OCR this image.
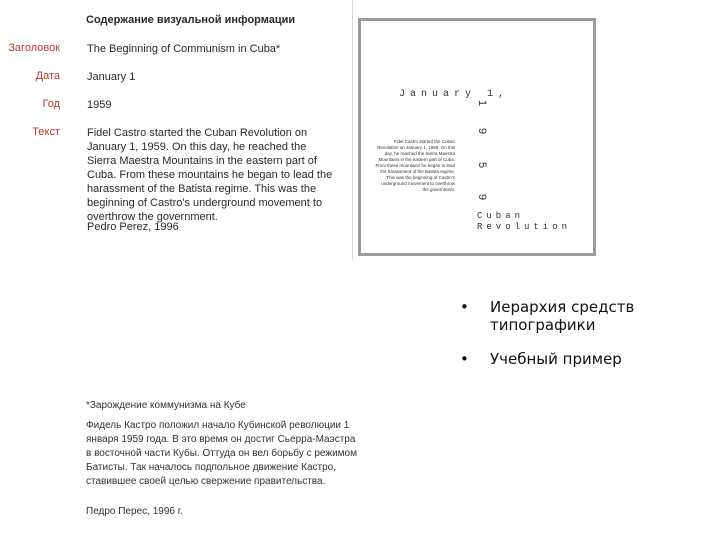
Содержание визуальной информации
Заголовок
Дата
Год
Текст
The Beginning of Communism in Cuba*
January 1
1959
Fidel Castro started the Cuban Revolution on January 1, 1959. On this day, he reached the Sierra Maestra Mountains in the eastern part of Cuba. From these mountains he began to lead the harassment of the Batista regime. This was the beginning of Castro's underground movement to overthrow the government.
Pedro Perez, 1996
January 1,
1
9
5
9
Fidel Castro started the Cuban Revolution on January 1, 1959. On this day, he reached the Sierra Maestra Mountains in the eastern part of Cuba. From these mountains he began to lead the harassment of the Batista regime. This was the beginning of Castro's underground movement to overthrow the government.
Cuban
Revolution
• Иерархия средств типографики
• Учебный пример
*Зарождение коммунизма на Кубе
Фидель Кастро положил начало Кубинской революции 1 января 1959 года. В это время он достиг Сьерра-Маэстра в восточной части Кубы. Оттуда он вел борьбу с режимом Батисты. Так началось подпольное движение Кастро, ставившее своей целью свержение правительства.
Педро Перес, 1996 г.
